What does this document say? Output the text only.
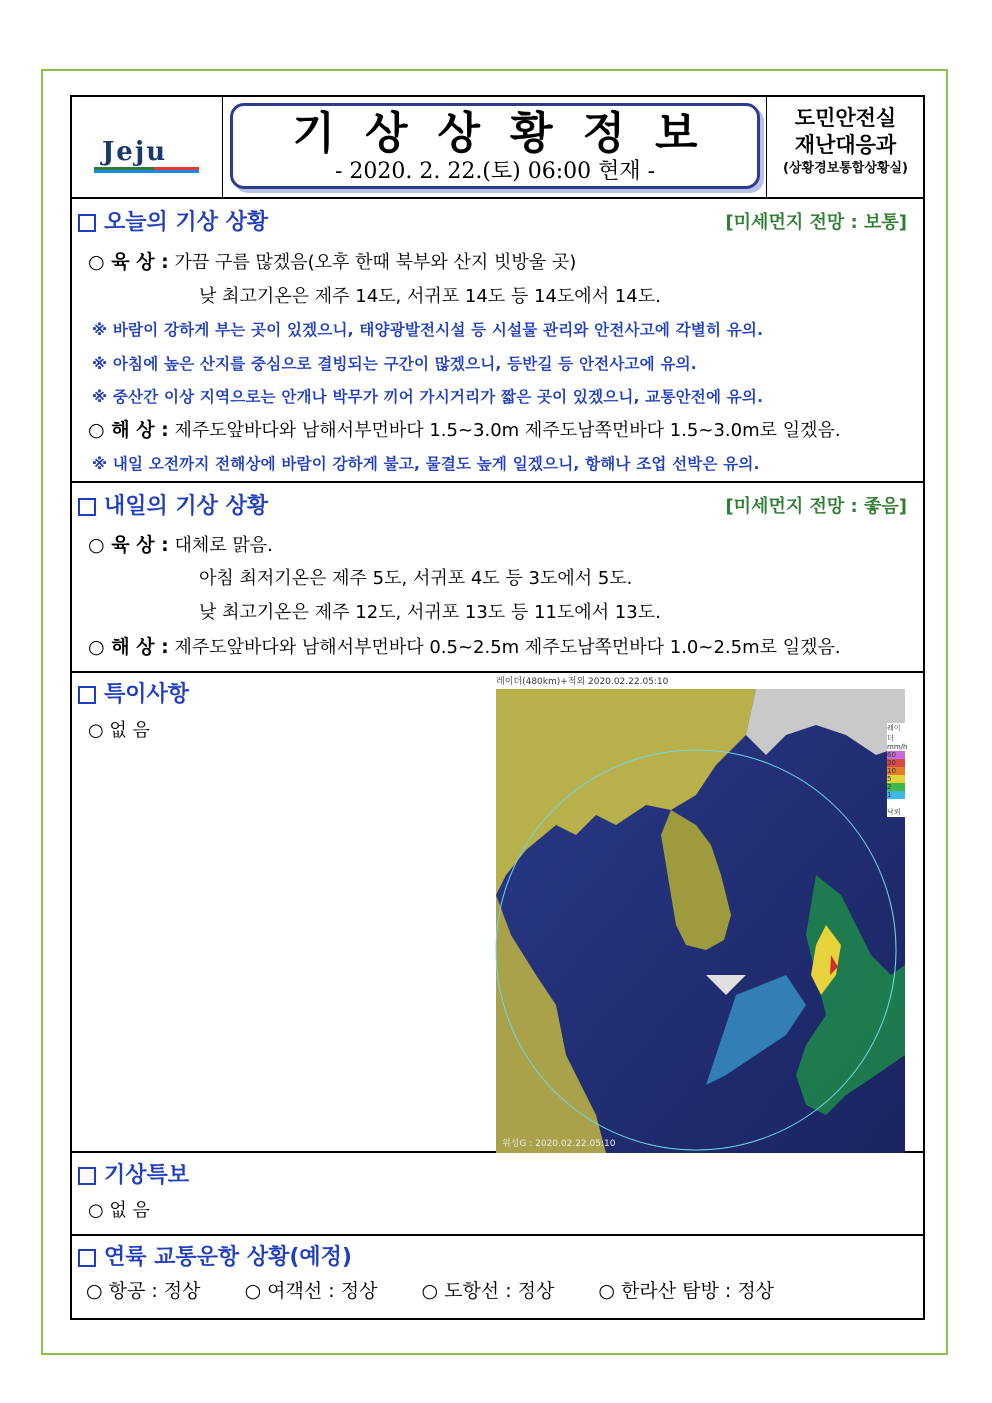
Jeju	기상상황정보
- 2020. 2. 22.(토) 06:00 현재 -
도민안전실
재난대응과
(상황경보통합상황실)
오늘의 기상 상황	[미세먼지 전망 : 보통]
○ 육 상 : 가끔 구름 많겠음(오후 한때 북부와 산지 빗방울 곳)
낮 최고기온은 제주 14도, 서귀포 14도 등 14도에서 14도.
※ 바람이 강하게 부는 곳이 있겠으니, 태양광발전시설 등 시설물 관리와 안전사고에 각별히 유의.
※ 아침에 높은 산지를 중심으로 결빙되는 구간이 많겠으니, 등반길 등 안전사고에 유의.
※ 중산간 이상 지역으로는 안개나 박무가 끼어 가시거리가 짧은 곳이 있겠으니, 교통안전에 유의.
○ 해 상 : 제주도앞바다와 남해서부먼바다 1.5~3.0m 제주도남쪽먼바다 1.5~3.0m로 일겠음.
※ 내일 오전까지 전해상에 바람이 강하게 불고, 물결도 높게 일겠으니, 항해나 조업 선박은 유의.
내일의 기상 상황	[미세먼지 전망 : 좋음]
○ 육 상 : 대체로 맑음.
아침 최저기온은 제주 5도, 서귀포 4도 등 3도에서 5도.
낮 최고기온은 제주 12도, 서귀포 13도 등 11도에서 13도.
○ 해 상 : 제주도앞바다와 남해서부먼바다 0.5~2.5m 제주도남쪽먼바다 1.0~2.5m로 일겠음.
특이사항
○ 없 음
레이더(480km)+적외 2020.02.22.05:10
레이더
mm/h
60
30
10
5
2
1
낙뢰
위성G : 2020.02.22.05:10
기상특보
○ 없 음
연륙 교통운항 상황(예정)
○ 항공 : 정상 ○ 여객선 : 정상 ○ 도항선 : 정상 ○ 한라산 탐방 : 정상
